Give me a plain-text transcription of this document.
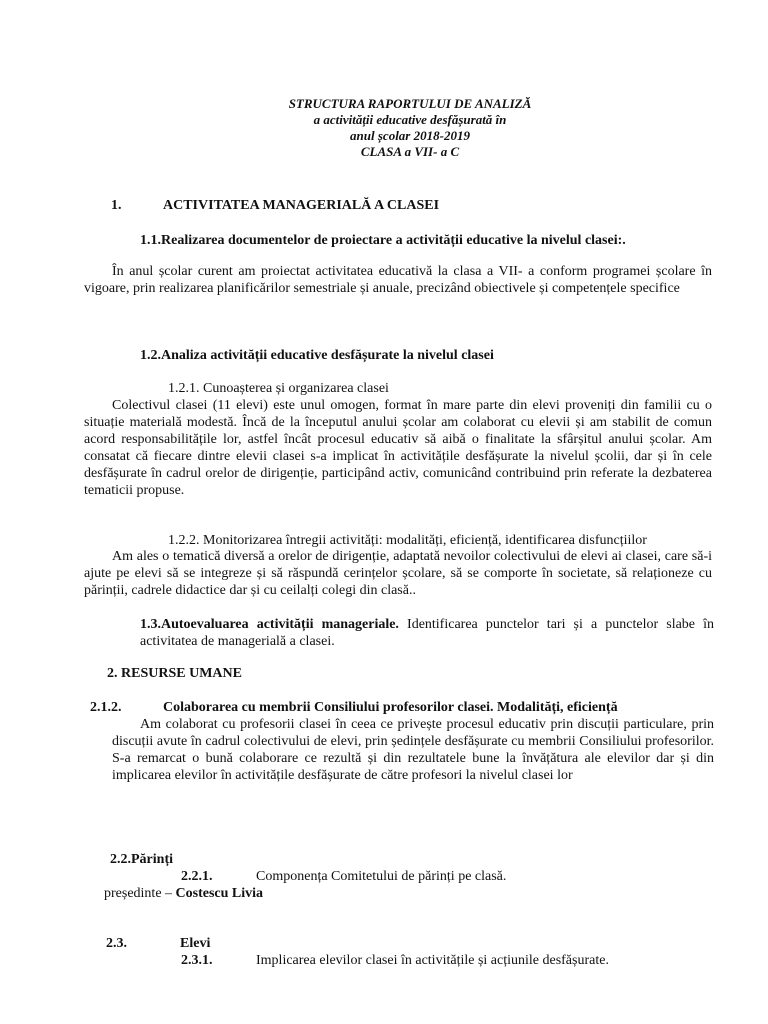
STRUCTURA RAPORTULUI DE ANALIZĂ
a activității educative desfășurată în
anul școlar 2018-2019
CLASA a VII- a C
1.	ACTIVITATEA MANAGERIALĂ A CLASEI
1.1.Realizarea documentelor de proiectare a activității educative la nivelul clasei:.
În anul școlar curent am proiectat activitatea educativă la clasa a VII- a conform programei școlare în vigoare, prin realizarea planificărilor semestriale și anuale, precizând obiectivele și competențele specifice
1.2.Analiza activității educative desfășurate la nivelul clasei
1.2.1. Cunoașterea și organizarea clasei
Colectivul clasei (11 elevi) este unul omogen, format în mare parte din elevi proveniți din familii cu o situație materială modestă. Încă de la începutul anului școlar am colaborat cu elevii și am stabilit de comun acord responsabilitățile lor, astfel încât procesul educativ să aibă o finalitate la sfârșitul anului școlar. Am consatat că fiecare dintre elevii clasei s-a implicat în activitățile desfășurate la nivelul școlii, dar și în cele desfășurate în cadrul orelor de dirigenție, participând activ, comunicând contribuind prin referate la dezbaterea tematicii propuse.
1.2.2. Monitorizarea întregii activități: modalități, eficiență, identificarea disfuncțiilor
Am ales o tematică diversă a orelor de dirigenție, adaptată nevoilor colectivului de elevi ai clasei, care să-i ajute pe elevi să se integreze și să răspundă cerințelor școlare, să se comporte în societate, să relaționeze cu părinții, cadrele didactice dar și cu ceilalți colegi din clasă..
1.3.Autoevaluarea activității manageriale. Identificarea punctelor tari și a punctelor slabe în activitatea de managerială a clasei.
2. RESURSE UMANE
2.1.2.	Colaborarea cu membrii Consiliului profesorilor clasei. Modalități, eficiență
Am colaborat cu profesorii clasei în ceea ce privește procesul educativ prin discuții particulare, prin discuții avute în cadrul colectivului de elevi, prin ședințele desfășurate cu membrii Consiliului profesorilor. S-a remarcat o bună colaborare ce rezultă și din rezultatele bune la învățătura ale elevilor dar și din implicarea elevilor în activitățile desfășurate de către profesori la nivelul clasei lor
2.2.Părinți
2.2.1.	Componența Comitetului de părinți pe clasă.
președinte – Costescu Livia
2.3.	Elevi
2.3.1.	Implicarea elevilor clasei în activitățile și acțiunile desfășurate.
